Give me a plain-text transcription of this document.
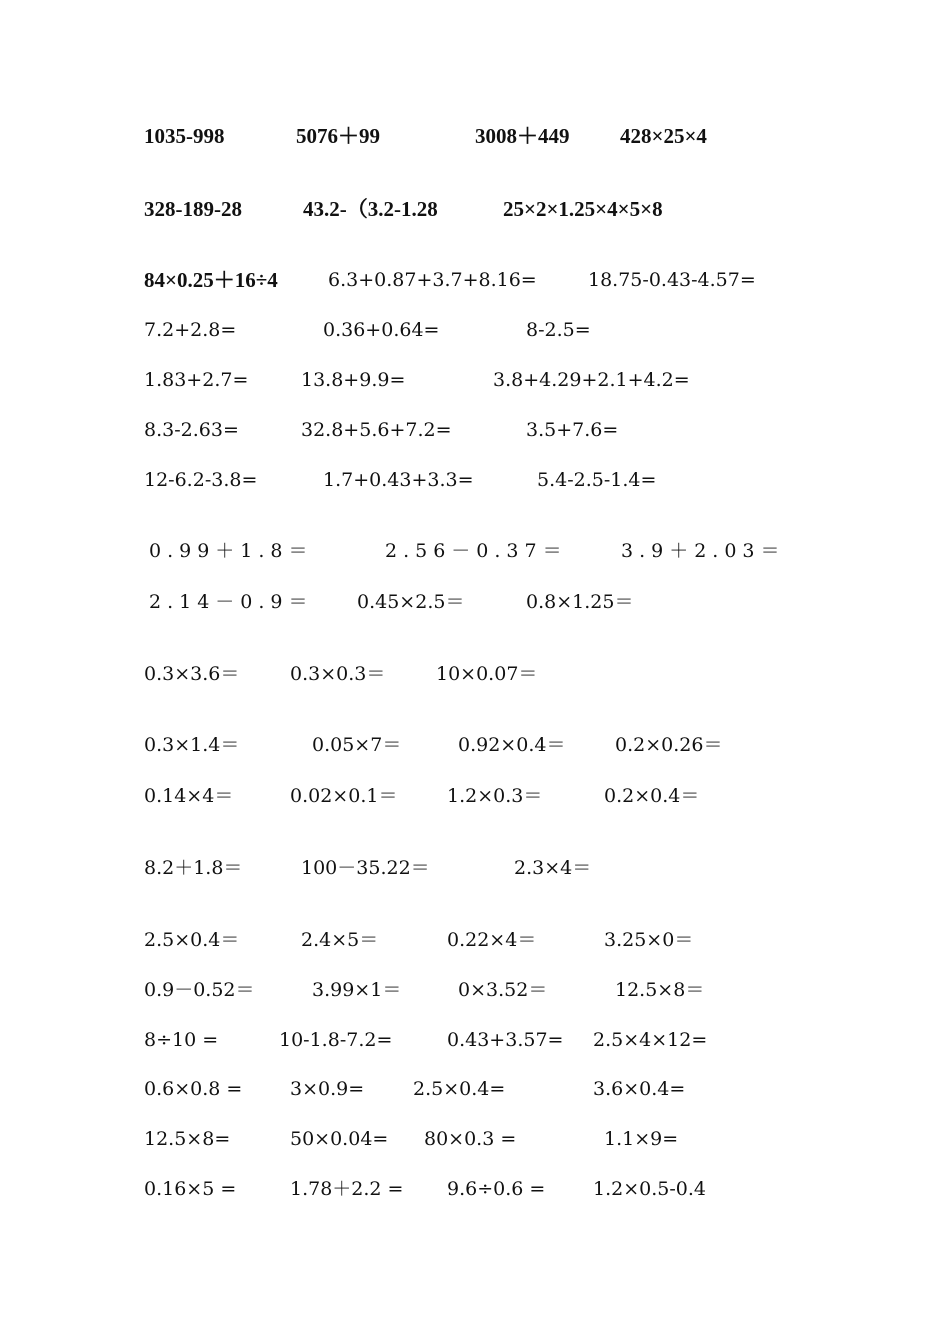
1035-998	5076＋99	3008＋449 428×25×4
328-189-28	43.2-（3.2-1.28	25×2×1.25×4×5×8
84×0.25＋16÷4	6.3+0.87+3.7+8.16=	18.75-0.43-4.57=
7.2+2.8=	0.36+0.64=	8-2.5=
1.83+2.7=	13.8+9.9=	3.8+4.29+2.1+4.2=
8.3-2.63=	32.8+5.6+7.2=	3.5+7.6=
12-6.2-3.8=	1.7+0.43+3.3=	5.4-2.5-1.4=
0.99＋1.8＝	2.56－0.37＝	3.9＋2.03＝
2.14－0.9＝ 0.45×2.5＝	0.8×1.25＝
0.3×3.6＝	0.3×0.3＝	10×0.07＝
0.3×1.4＝	0.05×7＝	0.92×0.4＝	0.2×0.26＝
0.14×4＝	0.02×0.1＝	1.2×0.3＝	0.2×0.4＝
8.2＋1.8＝	100－35.22＝	2.3×4＝
2.5×0.4＝	2.4×5＝	0.22×4＝	3.25×0＝
0.9－0.52＝	3.99×1＝	0×3.52＝	12.5×8＝
8÷10 =	10-1.8-7.2=	0.43+3.57= 2.5×4×12=
0.6×0.8 =	3×0.9=	2.5×0.4=	3.6×0.4=
12.5×8=	50×0.04= 80×0.3 =	1.1×9=
0.16×5 =	1.78＋2.2 = 9.6÷0.6 =	1.2×0.5-0.4
